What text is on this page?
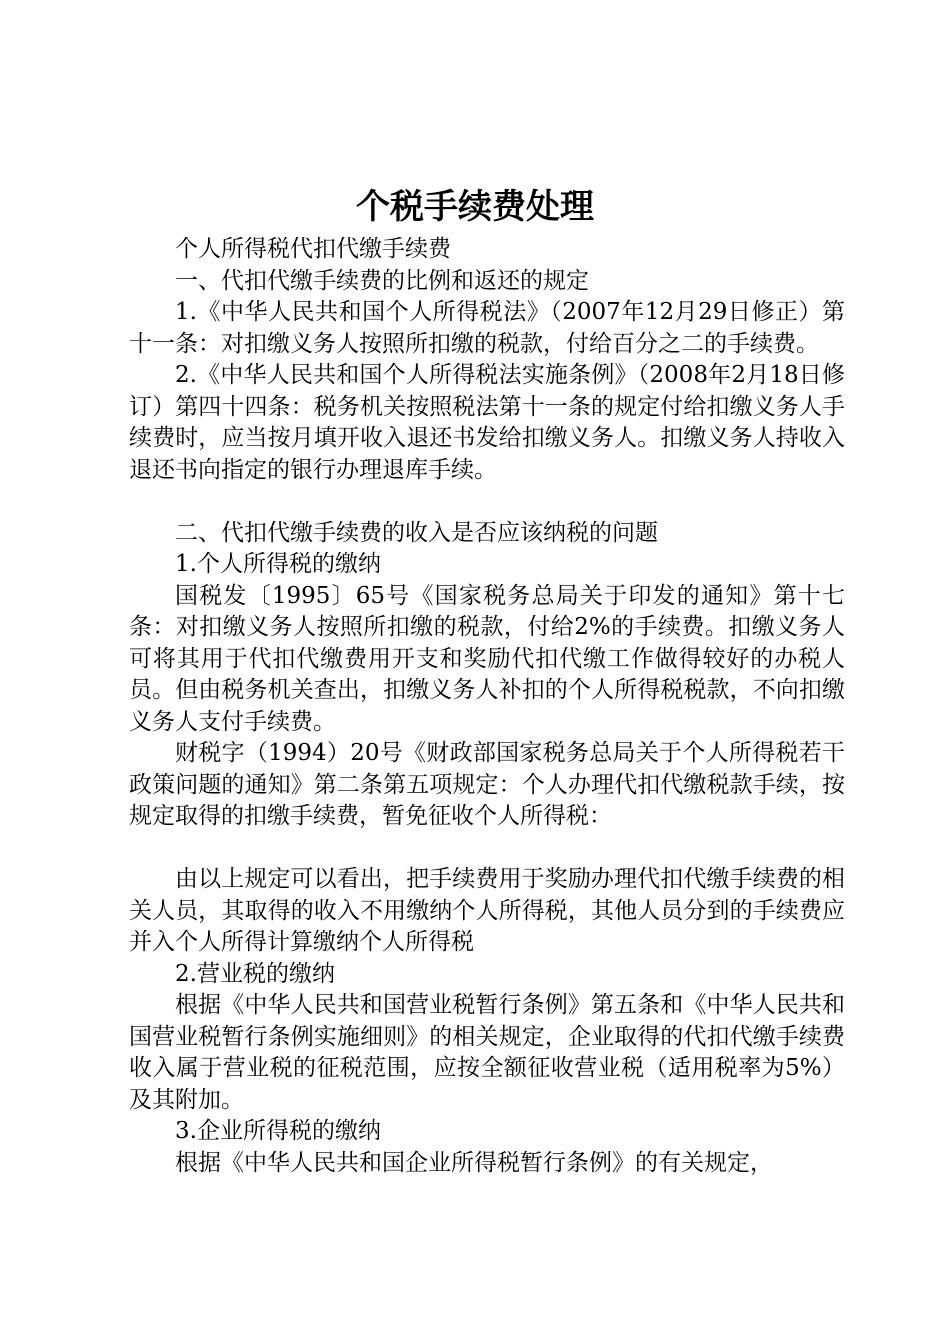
个税手续费处理

个人所得税代扣代缴手续费

一、代扣代缴手续费的比例和返还的规定

1.《中华人民共和国个人所得税法》（2007年12月29日修正）第十一条：对扣缴义务人按照所扣缴的税款，付给百分之二的手续费。

2.《中华人民共和国个人所得税法实施条例》（2008年2月18日修订）第四十四条：税务机关按照税法第十一条的规定付给扣缴义务人手续费时，应当按月填开收入退还书发给扣缴义务人。扣缴义务人持收入退还书向指定的银行办理退库手续。

二、代扣代缴手续费的收入是否应该纳税的问题

1.个人所得税的缴纳

国税发〔1995〕65号《国家税务总局关于印发的通知》第十七条：对扣缴义务人按照所扣缴的税款，付给2%的手续费。扣缴义务人可将其用于代扣代缴费用开支和奖励代扣代缴工作做得较好的办税人员。但由税务机关查出，扣缴义务人补扣的个人所得税税款，不向扣缴义务人支付手续费。

财税字（1994）20号《财政部国家税务总局关于个人所得税若干政策问题的通知》第二条第五项规定：个人办理代扣代缴税款手续，按规定取得的扣缴手续费，暂免征收个人所得税：

由以上规定可以看出，把手续费用于奖励办理代扣代缴手续费的相关人员，其取得的收入不用缴纳个人所得税，其他人员分到的手续费应并入个人所得计算缴纳个人所得税

2.营业税的缴纳

根据《中华人民共和国营业税暂行条例》第五条和《中华人民共和国营业税暂行条例实施细则》的相关规定，企业取得的代扣代缴手续费收入属于营业税的征税范围，应按全额征收营业税（适用税率为5%）及其附加。

3.企业所得税的缴纳

根据《中华人民共和国企业所得税暂行条例》的有关规定，
